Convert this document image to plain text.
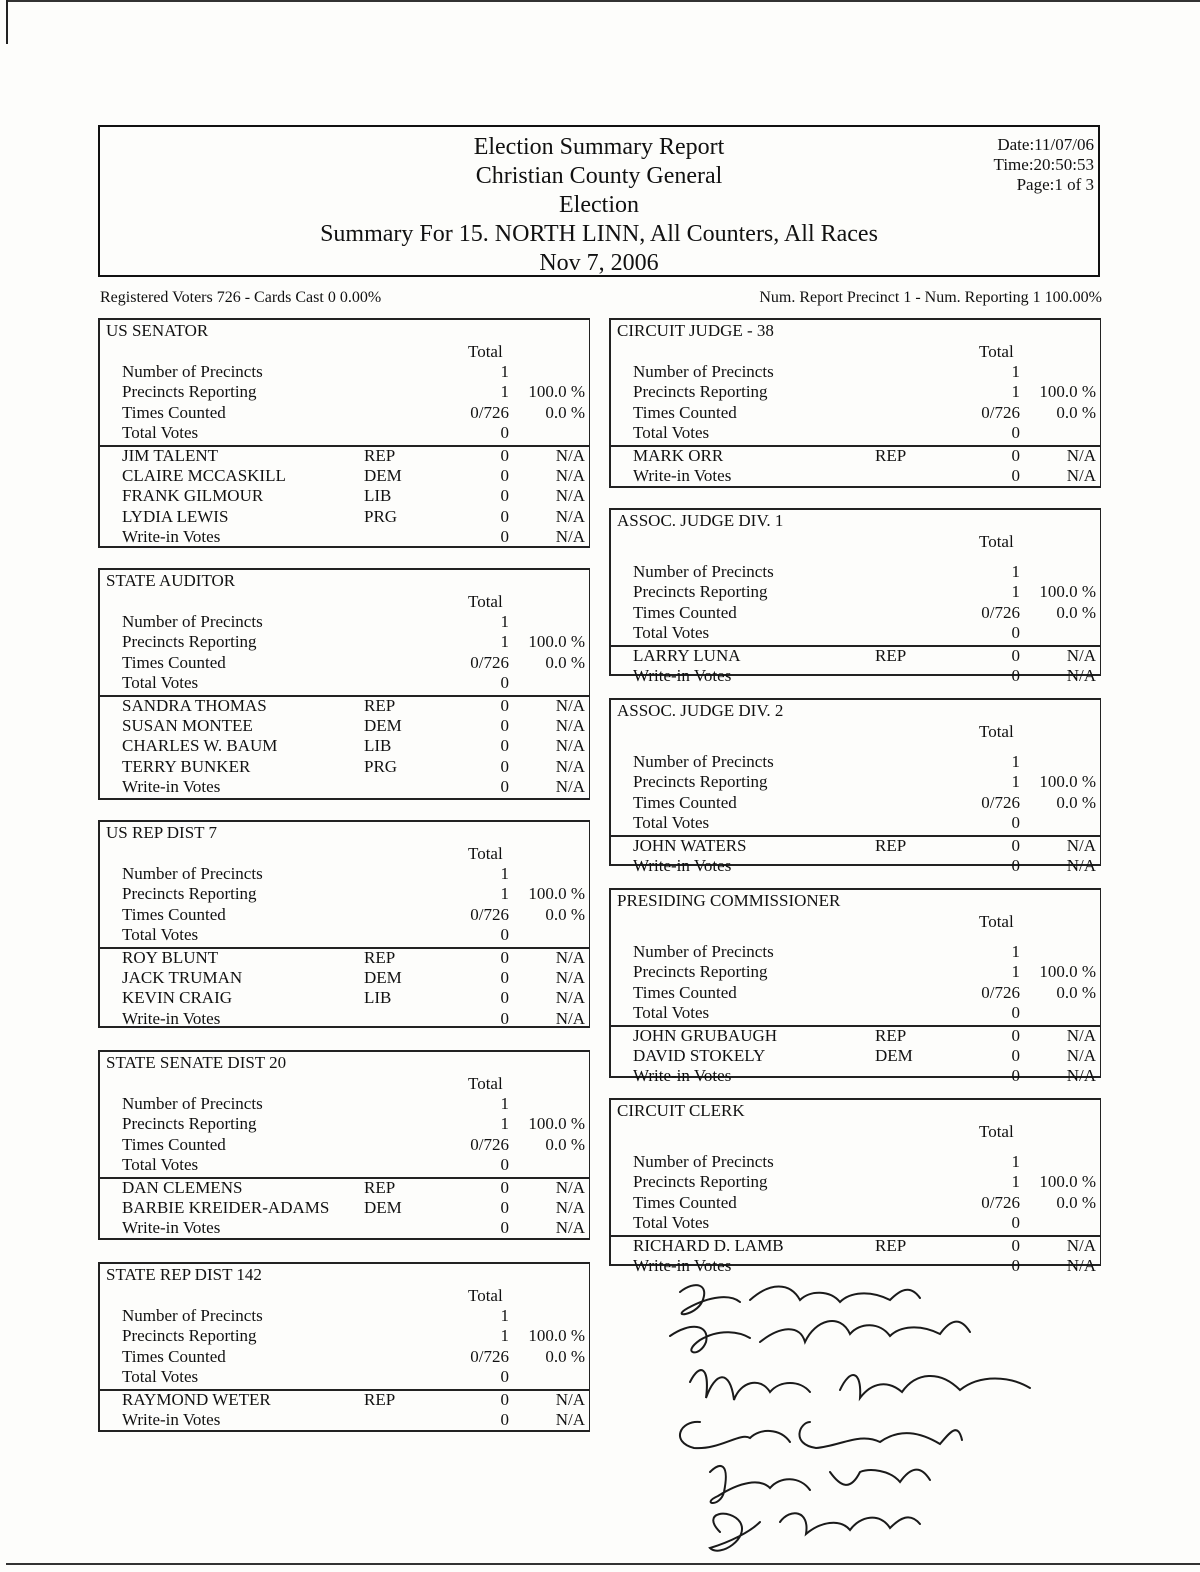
Election Summary Report
Christian County General
Election
Summary For 15. NORTH LINN, All Counters, All Races
Nov 7, 2006
Date:11/07/06
Time:20:50:53
Page:1 of 3
Registered Voters 726 - Cards Cast 0 0.00%	Num. Report Precinct 1 - Num. Reporting 1 100.00%
US SENATOR
Total
Number of Precincts	1
Precincts Reporting	1 100.0 %
Times Counted	0/726 0.0 %
Total Votes	0
JIM TALENT	REP	0	N/A
CLAIRE MCCASKILL	DEM	0	N/A
FRANK GILMOUR	LIB	0	N/A
LYDIA LEWIS	PRG	0	N/A
Write-in Votes	0	N/A
STATE AUDITOR
Total
Number of Precincts	1
Precincts Reporting	1 100.0 %
Times Counted	0/726 0.0 %
Total Votes	0
SANDRA THOMAS	REP	0	N/A
SUSAN MONTEE	DEM	0	N/A
CHARLES W. BAUM	LIB	0	N/A
TERRY BUNKER	PRG	0	N/A
Write-in Votes	0	N/A
US REP DIST 7
Total
Number of Precincts	1
Precincts Reporting	1 100.0 %
Times Counted	0/726 0.0 %
Total Votes	0
ROY BLUNT	REP	0	N/A
JACK TRUMAN	DEM	0	N/A
KEVIN CRAIG	LIB	0	N/A
Write-in Votes	0	N/A
STATE SENATE DIST 20
Total
Number of Precincts	1
Precincts Reporting	1 100.0 %
Times Counted	0/726 0.0 %
Total Votes	0
DAN CLEMENS	REP	0	N/A
BARBIE KREIDER-ADAMS DEM	0	N/A
Write-in Votes	0	N/A
STATE REP DIST 142
Total
Number of Precincts	1
Precincts Reporting	1 100.0 %
Times Counted	0/726 0.0 %
Total Votes	0
RAYMOND WETER	REP	0	N/A
Write-in Votes	0	N/A
CIRCUIT JUDGE - 38
Total
Number of Precincts	1
Precincts Reporting	1 100.0 %
Times Counted	0/726 0.0 %
Total Votes	0
MARK ORR	REP	0	N/A
Write-in Votes	0	N/A
ASSOC. JUDGE DIV. 1
Total
Number of Precincts	1
Precincts Reporting	1 100.0 %
Times Counted	0/726 0.0 %
Total Votes	0
LARRY LUNA	REP	0	N/A
Write-in Votes	0	N/A
ASSOC. JUDGE DIV. 2
Total
Number of Precincts	1
Precincts Reporting	1 100.0 %
Times Counted	0/726 0.0 %
Total Votes	0
JOHN WATERS	REP	0	N/A
Write-in Votes	0	N/A
PRESIDING COMMISSIONER
Total
Number of Precincts	1
Precincts Reporting	1 100.0 %
Times Counted	0/726 0.0 %
Total Votes	0
JOHN GRUBAUGH	REP	0	N/A
DAVID STOKELY	DEM	0	N/A
Write-in Votes	0	N/A
CIRCUIT CLERK
Total
Number of Precincts	1
Precincts Reporting	1 100.0 %
Times Counted	0/726 0.0 %
Total Votes	0
RICHARD D. LAMB	REP	0	N/A
Write-in Votes	0	N/A
